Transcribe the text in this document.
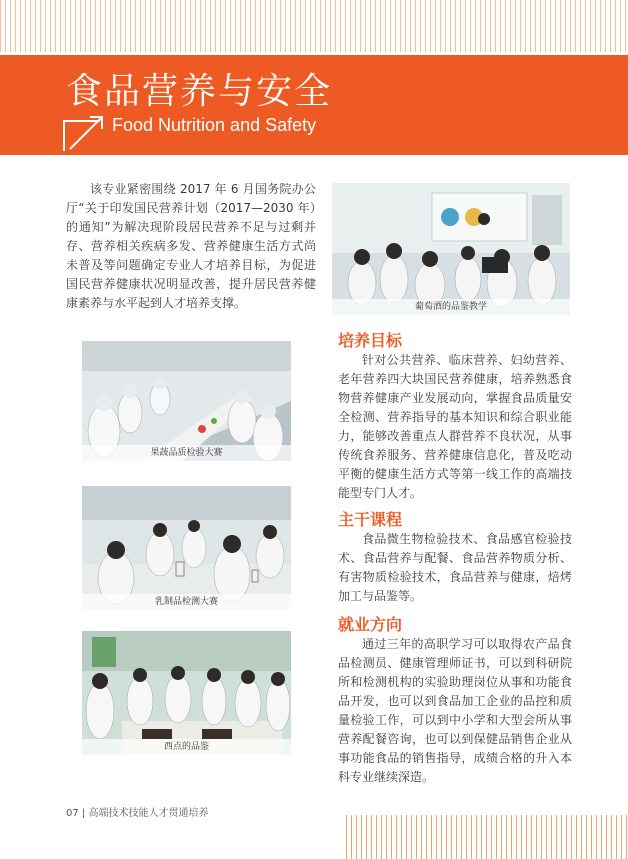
食品营养与安全
Food Nutrition and Safety

该专业紧密围绕 2017 年 6 月国务院办公厅“关于印发国民营养计划（2017—2030 年）的通知”为解决现阶段居民营养不足与过剩并存、营养相关疾病多发、营养健康生活方式尚未普及等问题确定专业人才培养目标，为促进国民营养健康状况明显改善，提升居民营养健康素养与水平起到人才培养支撑。	葡萄酒的品鉴教学
培养目标

针对公共营养、临床营养、妇幼营养、老年营养四大块国民营养健康，培养熟悉食物营养健康产业发展动向，掌握食品质量安全检测、营养指导的基本知识和综合职业能力，能够改善重点人群营养不良状况，从事传统食养服务、营养健康信息化，普及吃动平衡的健康生活方式等第一线工作的高端技能型专门人才。

果蔬品质检验大赛
主干课程

食品微生物检验技术、食品感官检验技术、食品营养与配餐、食品营养物质分析、有害物质检验技术，食品营养与健康，焙烤加工与品鉴等。

乳制品检测大赛
就业方向

通过三年的高职学习可以取得农产品食品检测员、健康管理师证书，可以到科研院所和检测机构的实验助理岗位从事和功能食品开发，也可以到食品加工企业的品控和质量检验工作，可以到中小学和大型会所从事营养配餐咨询，也可以到保健品销售企业从事功能食品的销售指导，成绩合格的升入本科专业继续深造。

西点的品鉴
07 | 高端技术技能人才贯通培养
